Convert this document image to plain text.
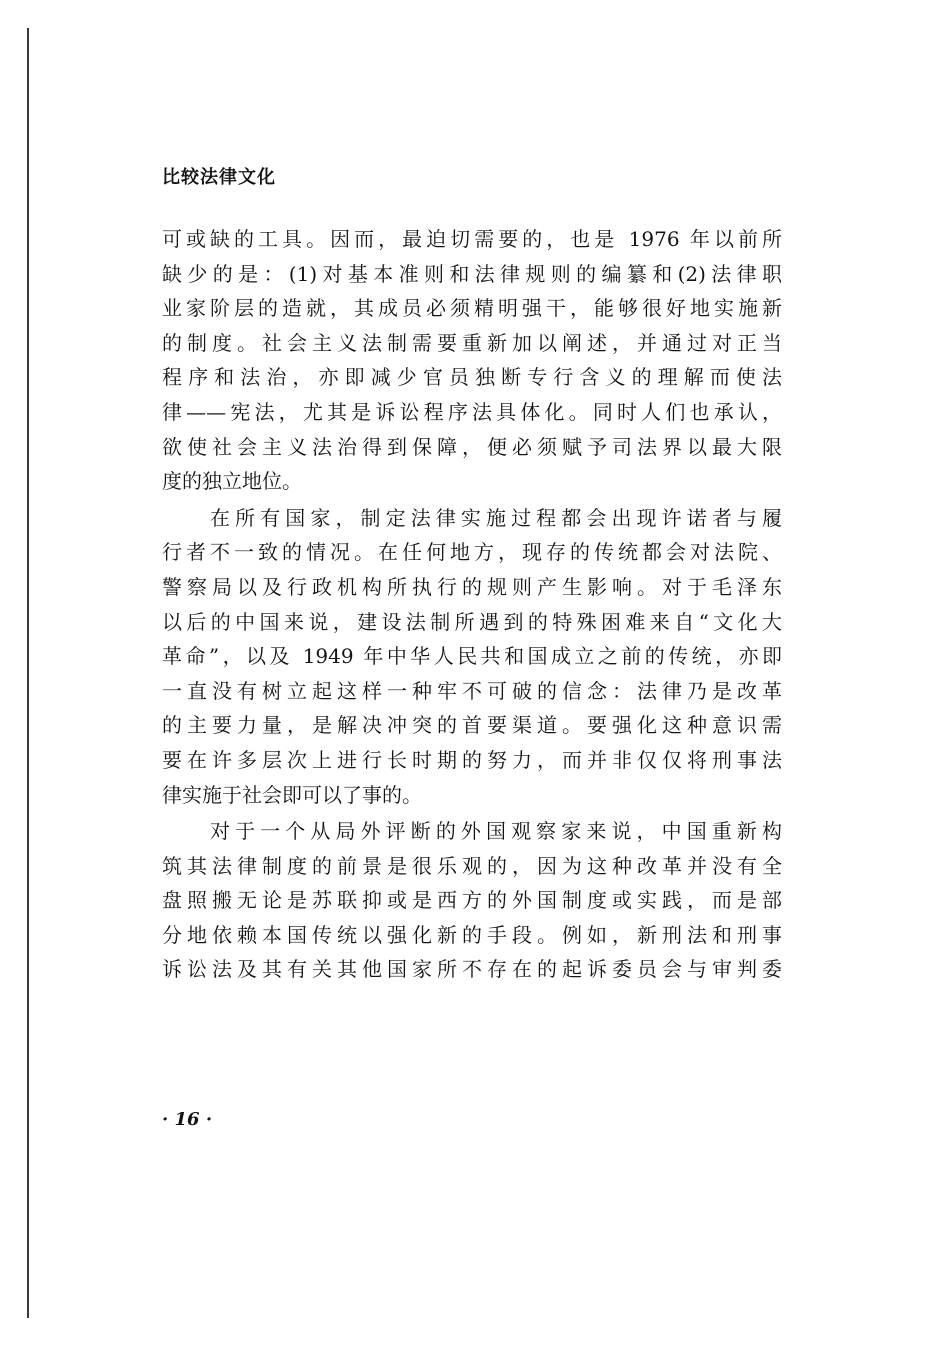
比较法律文化
可或缺的工具。因而，最迫切需要的，也是 1976 年以前所
缺少的是：(1)对基本准则和法律规则的编纂和(2)法律职
业家阶层的造就，其成员必须精明强干，能够很好地实施新
的制度。社会主义法制需要重新加以阐述，并通过对正当
程序和法治，亦即减少官员独断专行含义的理解而使法
律——宪法，尤其是诉讼程序法具体化。同时人们也承认，
欲使社会主义法治得到保障，便必须赋予司法界以最大限
度的独立地位。
在所有国家，制定法律实施过程都会出现许诺者与履
行者不一致的情况。在任何地方，现存的传统都会对法院、
警察局以及行政机构所执行的规则产生影响。对于毛泽东
以后的中国来说，建设法制所遇到的特殊困难来自“文化大
革命”，以及 1949 年中华人民共和国成立之前的传统，亦即
一直没有树立起这样一种牢不可破的信念：法律乃是改革
的主要力量，是解决冲突的首要渠道。要强化这种意识需
要在许多层次上进行长时期的努力，而并非仅仅将刑事法
律实施于社会即可以了事的。
对于一个从局外评断的外国观察家来说，中国重新构
筑其法律制度的前景是很乐观的，因为这种改革并没有全
盘照搬无论是苏联抑或是西方的外国制度或实践，而是部
分地依赖本国传统以强化新的手段。例如，新刑法和刑事
诉讼法及其有关其他国家所不存在的起诉委员会与审判委
· 16 ·
